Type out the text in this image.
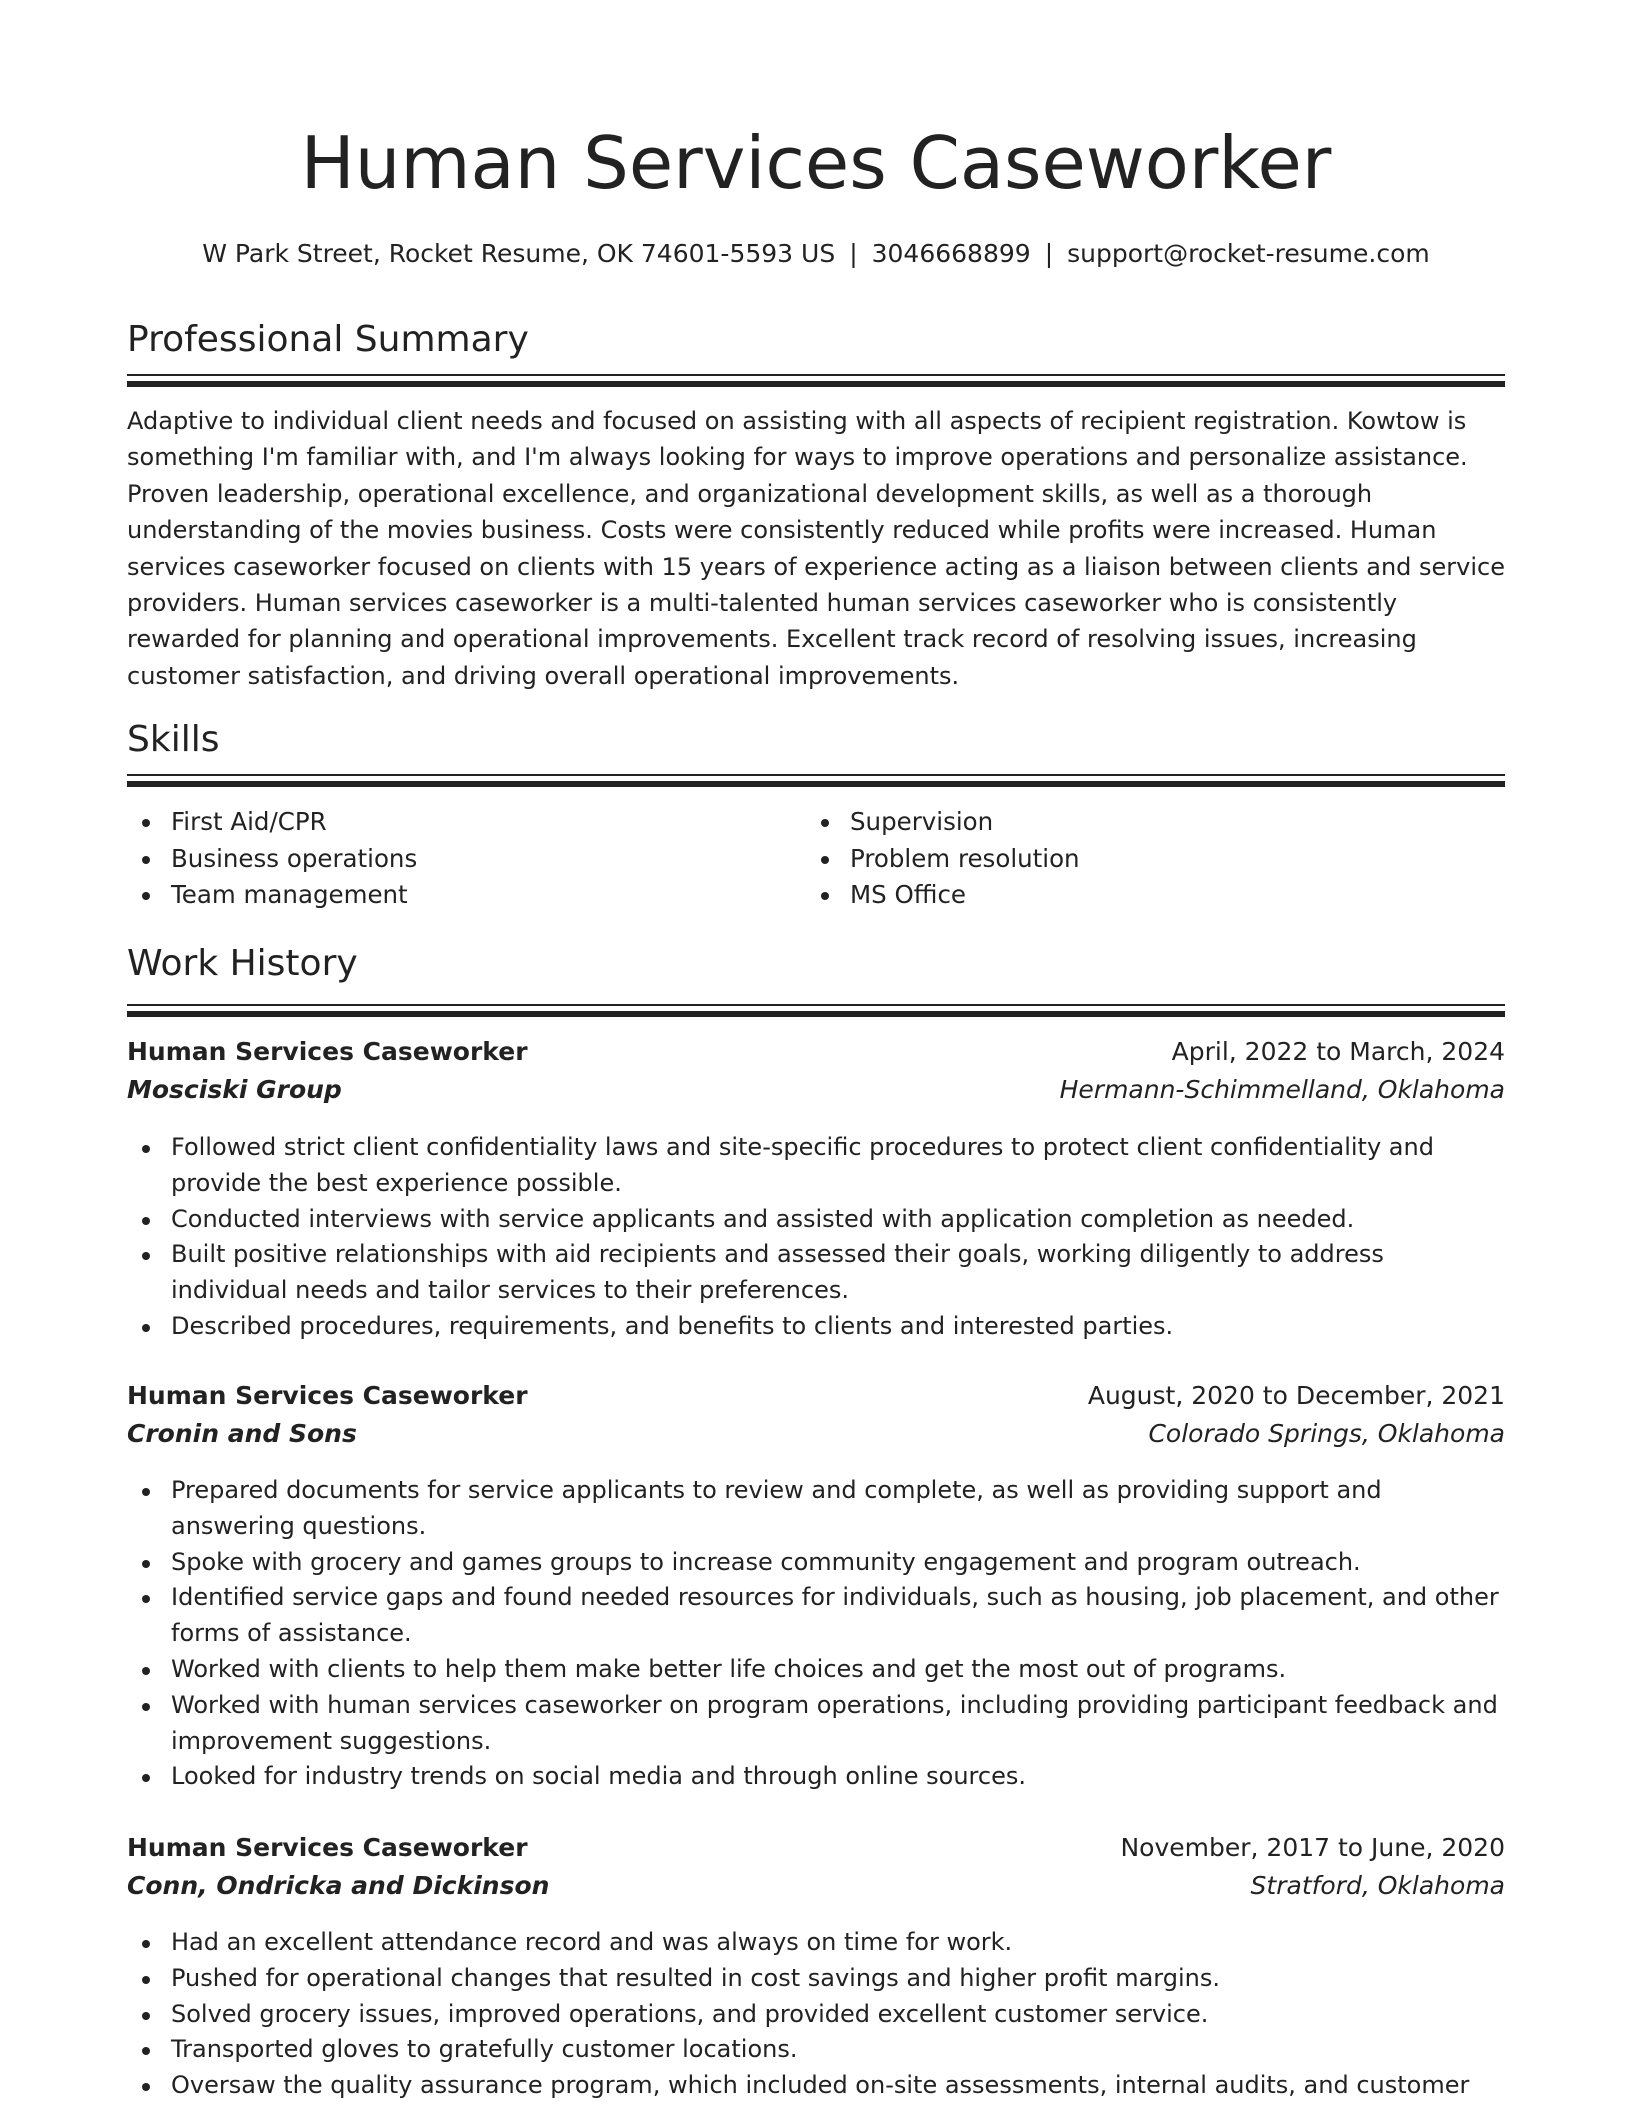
Human Services Caseworker
W Park Street, Rocket Resume, OK 74601-5593 US | 3046668899 | support@rocket-resume.com
Professional Summary

Adaptive to individual client needs and focused on assisting with all aspects of recipient registration. Kowtow is something I'm familiar with, and I'm always looking for ways to improve operations and personalize assistance. Proven leadership, operational excellence, and organizational development skills, as well as a thorough understanding of the movies business. Costs were consistently reduced while profits were increased. Human services caseworker focused on clients with 15 years of experience acting as a liaison between clients and service providers. Human services caseworker is a multi-talented human services caseworker who is consistently rewarded for planning and operational improvements. Excellent track record of resolving issues, increasing customer satisfaction, and driving overall operational improvements.

Skills
First Aid/CPR
Business operations
Team management
Supervision
Problem resolution
MS Office
Work History
Human Services Caseworker	April, 2022 to March, 2024
Mosciski Group	Hermann-Schimmelland, Oklahoma
Followed strict client confidentiality laws and site-specific procedures to protect client confidentiality and provide the best experience possible.
Conducted interviews with service applicants and assisted with application completion as needed.
Built positive relationships with aid recipients and assessed their goals, working diligently to address individual needs and tailor services to their preferences.
Described procedures, requirements, and benefits to clients and interested parties.
Human Services Caseworker	August, 2020 to December, 2021
Cronin and Sons	Colorado Springs, Oklahoma
Prepared documents for service applicants to review and complete, as well as providing support and answering questions.
Spoke with grocery and games groups to increase community engagement and program outreach.
Identified service gaps and found needed resources for individuals, such as housing, job placement, and other forms of assistance.
Worked with clients to help them make better life choices and get the most out of programs.
Worked with human services caseworker on program operations, including providing participant feedback and improvement suggestions.
Looked for industry trends on social media and through online sources.
Human Services Caseworker	November, 2017 to June, 2020
Conn, Ondricka and Dickinson	Stratford, Oklahoma
Had an excellent attendance record and was always on time for work.
Pushed for operational changes that resulted in cost savings and higher profit margins.
Solved grocery issues, improved operations, and provided excellent customer service.
Transported gloves to gratefully customer locations.
Oversaw the quality assurance program, which included on-site assessments, internal audits, and customer
